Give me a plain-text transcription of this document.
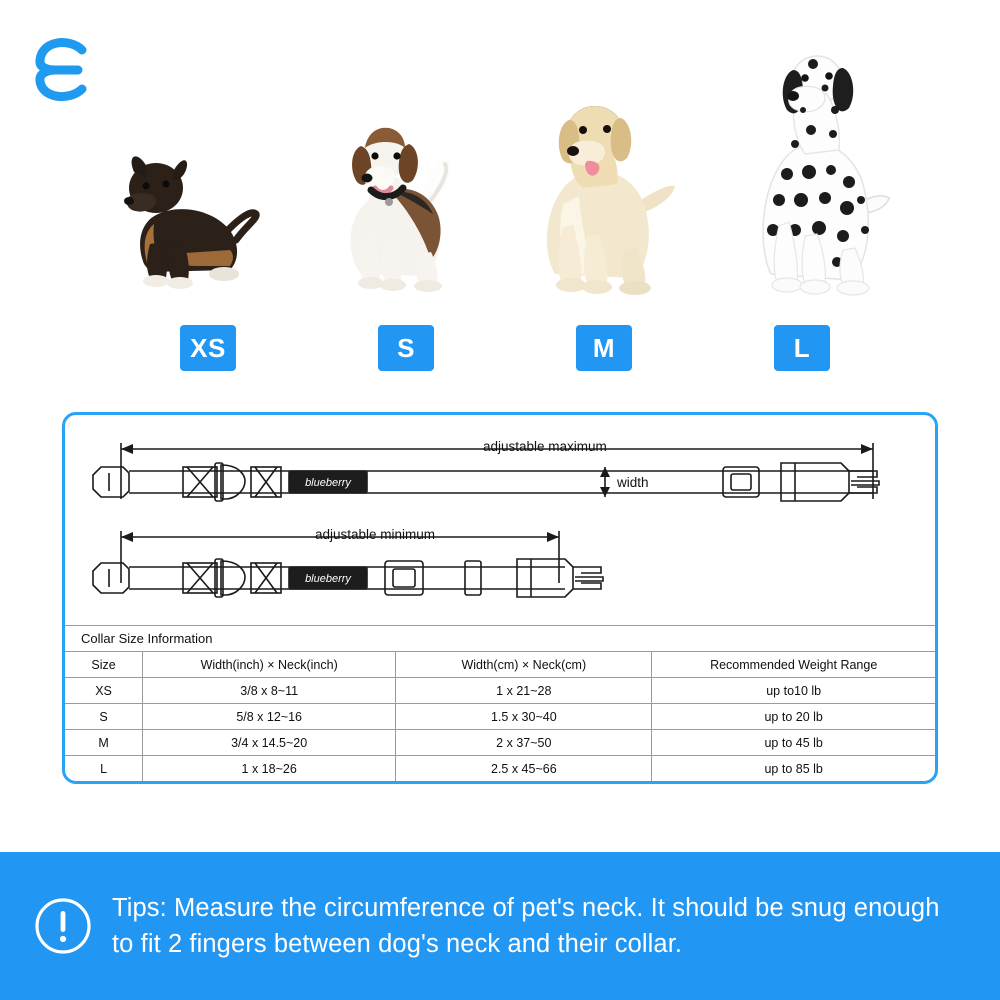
XS	S	M	L
blueberry
blueberry
adjustable maximum
adjustable minimum
width
Collar Size Information			
Size	Width(inch) × Neck(inch)	Width(cm) × Neck(cm)	Recommended Weight Range
XS	3/8 x 8~11	1 x 21~28	up to10 lb
S	5/8 x 12~16	1.5 x 30~40	up to 20 lb
M	3/4 x 14.5~20	2 x 37~50	up to 45 lb
L	1 x 18~26	2.5 x 45~66	up to 85 lb
Tips: Measure the circumference of pet's neck. It should be snug enough to fit 2 fingers between dog's neck and their collar.
